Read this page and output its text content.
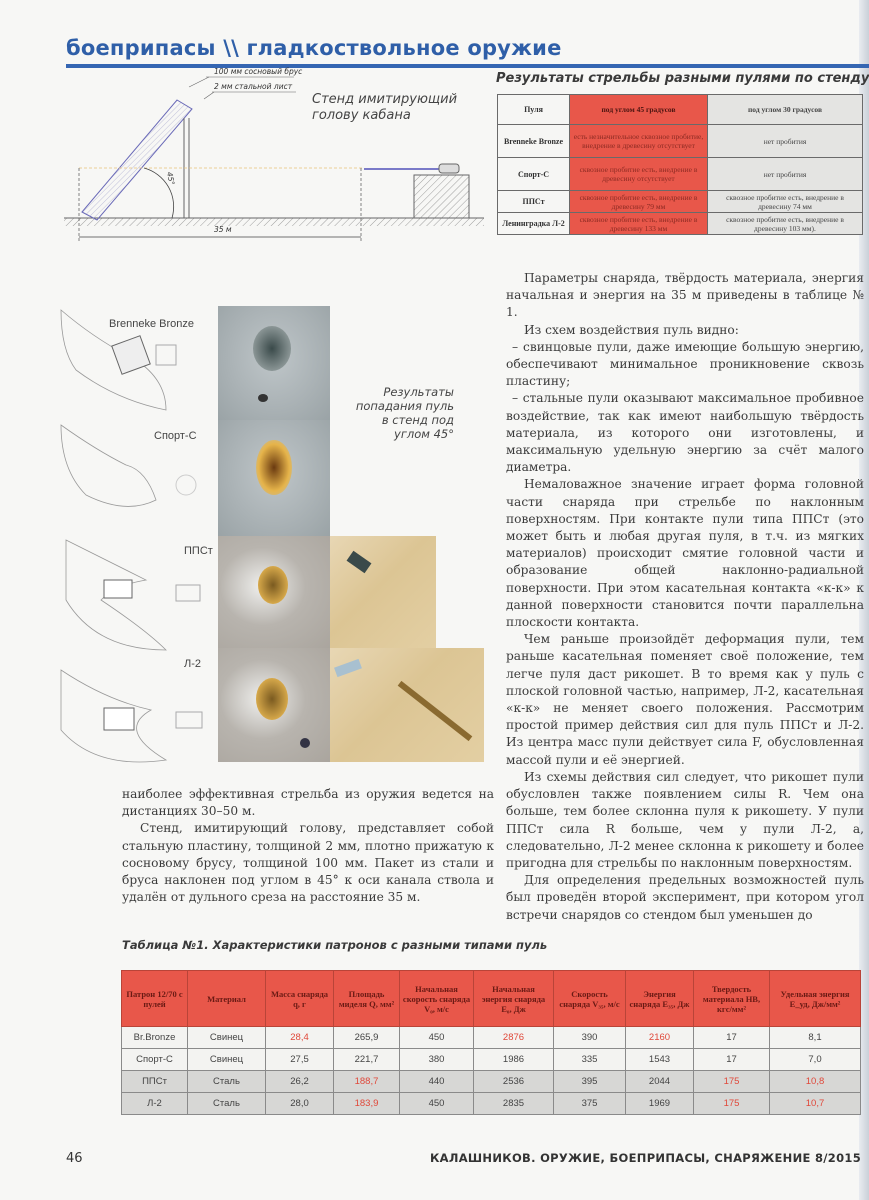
боеприпасы \\ гладкоствольное оружие
100 мм сосновый брус
2 мм стальной лист
45°
35 м
Стенд имитирующий
голову кабана
Результаты стрельбы разными пулями по стенду
Пуля	под углом 45 градусов	под углом 30 градусов
Brenneke Bronze	есть незначительное сквозное пробитие, внедрение в древесину отсутствует	нет пробития
Спорт-С	сквозное пробитие есть, внедрение в древесину отсутствует	нет пробития
ППСт	сквозное пробитие есть, внедрение в древесину 79 мм	сквозное пробитие есть, внедрение в древесину 74 мм
Ленинградка Л-2	сквозное пробитие есть, внедрение в древесину 133 мм	сквозное пробитие есть, внедрение в древесину 103 мм).
Brenneke Bronze
Спорт-С
ППСт
Л-2
Результаты
попадания пуль
в стенд под
углом 45°

Параметры снаряда, твёрдость материала, энергия начальная и энергия на 35 м приведены в таблице № 1.

Из схем воздействия пуль видно:

– свинцовые пули, даже имеющие большую энергию, обеспечивают минимальное проникновение сквозь пластину;

– стальные пули оказывают максимальное пробивное воздействие, так как имеют наибольшую твёрдость материала, из которого они изготовлены, и максимальную удельную энергию за счёт малого диаметра.

Немаловажное значение играет форма головной части снаряда при стрельбе по наклонным поверхностям. При контакте пули типа ППСт (это может быть и любая другая пуля, в т.ч. из мягких материалов) происходит смятие головной части и образование общей наклонно-радиальной поверхности. При этом касательная контакта «к-к» к данной поверхности становится почти параллельна плоскости контакта.

Чем раньше произойдёт деформация пули, тем раньше касательная поменяет своё положение, тем легче пуля даст рикошет. В то время как у пуль с плоской головной частью, например, Л-2, касательная «к-к» не меняет своего положения. Рассмотрим простой пример действия сил для пуль ППСт и Л-2. Из центра масс пули действует сила F, обусловленная массой пули и её энергией.

Из схемы действия сил следует, что рикошет пули обусловлен также появлением силы R. Чем она больше, тем более склонна пуля к рикошету. У пули ППСт сила R больше, чем у пули Л-2, а, следовательно, Л-2 менее склонна к рикошету и более пригодна для стрельбы по наклонным поверхностям.

Для определения предельных возможностей пуль был проведён второй эксперимент, при котором угол встречи снарядов со стендом был уменьшен до

наиболее эффективная стрельба из оружия ведется на дистанциях 30–50 м.

Стенд, имитирующий голову, представляет собой стальную пластину, толщиной 2 мм, плотно прижатую к сосновому брусу, толщиной 100 мм. Пакет из стали и бруса наклонен под углом в 45° к оси канала ствола и удалён от дульного среза на расстояние 35 м.

Таблица №1. Характеристики патронов с разными типами пуль
Патрон 12/70 с пулей	Материал	Масса снаряда q, г	Площадь миделя Q, мм²	Начальная скорость снаряда V₀, м/с	Начальная энергия снаряда E₀, Дж	Скорость снаряда V₃₅, м/с	Энергия снаряда E₃₅, Дж	Твердость материала HB, кгс/мм²	Удельная энергия E_уд, Дж/мм²
Br.Bronze	Свинец	28,4	265,9	450	2876	390	2160	17	8,1
Спорт-С	Свинец	27,5	221,7	380	1986	335	1543	17	7,0
ППСт	Сталь	26,2	188,7	440	2536	395	2044	175	10,8
Л-2	Сталь	28,0	183,9	450	2835	375	1969	175	10,7
46	КАЛАШНИКОВ. ОРУЖИЕ, БОЕПРИПАСЫ, СНАРЯЖЕНИЕ 8/2015
